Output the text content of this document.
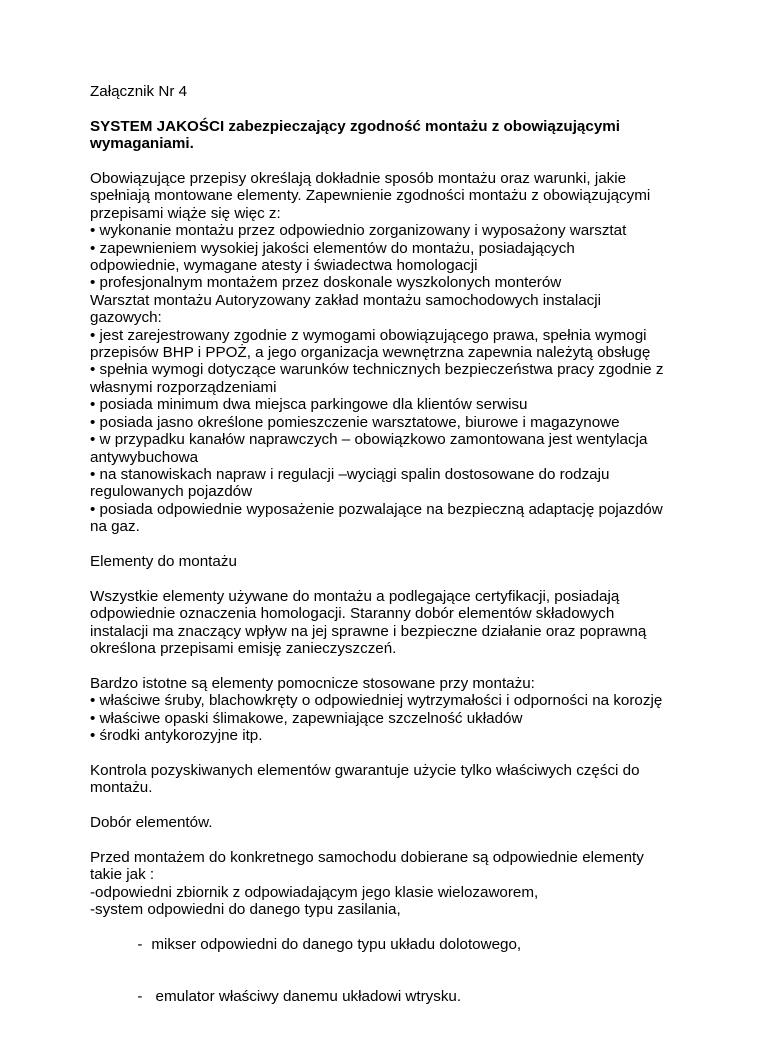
Załącznik Nr 4

SYSTEM JAKOŚCI zabezpieczający zgodność montażu z obowiązującymi
wymaganiami.

Obowiązujące przepisy określają dokładnie sposób montażu oraz warunki, jakie
spełniają montowane elementy. Zapewnienie zgodności montażu z obowiązującymi
przepisami wiąże się więc z:
• wykonanie montażu przez odpowiednio zorganizowany i wyposażony warsztat
• zapewnieniem wysokiej jakości elementów do montażu, posiadających
odpowiednie, wymagane atesty i świadectwa homologacji
• profesjonalnym montażem przez doskonale wyszkolonych monterów
Warsztat montażu Autoryzowany zakład montażu samochodowych instalacji
gazowych:
• jest zarejestrowany zgodnie z wymogami obowiązującego prawa, spełnia wymogi
przepisów BHP i PPOŻ, a jego organizacja wewnętrzna zapewnia należytą obsługę
• spełnia wymogi dotyczące warunków technicznych bezpieczeństwa pracy zgodnie z
własnymi rozporządzeniami
• posiada minimum dwa miejsca parkingowe dla klientów serwisu
• posiada jasno określone pomieszczenie warsztatowe, biurowe i magazynowe
• w przypadku kanałów naprawczych – obowiązkowo zamontowana jest wentylacja
antywybuchowa
• na stanowiskach napraw i regulacji –wyciągi spalin dostosowane do rodzaju
regulowanych pojazdów
• posiada odpowiednie wyposażenie pozwalające na bezpieczną adaptację pojazdów
na gaz.

Elementy do montażu

Wszystkie elementy używane do montażu a podlegające certyfikacji, posiadają
odpowiednie oznaczenia homologacji. Staranny dobór elementów składowych
instalacji ma znaczący wpływ na jej sprawne i bezpieczne działanie oraz poprawną
określona przepisami emisję zanieczyszczeń.

Bardzo istotne są elementy pomocnicze stosowane przy montażu:
• właściwe śruby, blachowkręty o odpowiedniej wytrzymałości i odporności na korozję
• właściwe opaski ślimakowe, zapewniające szczelność układów
• środki antykorozyjne itp.

Kontrola pozyskiwanych elementów gwarantuje użycie tylko właściwych części do
montażu.

Dobór elementów.

Przed montażem do konkretnego samochodu dobierane są odpowiednie elementy
takie jak :
-odpowiedni zbiornik z odpowiadającym jego klasie wielozaworem,
-system odpowiedni do danego typu zasilania,

- mikser odpowiedni do danego typu układu dolotowego,

- emulator właściwy danemu układowi wtrysku.
